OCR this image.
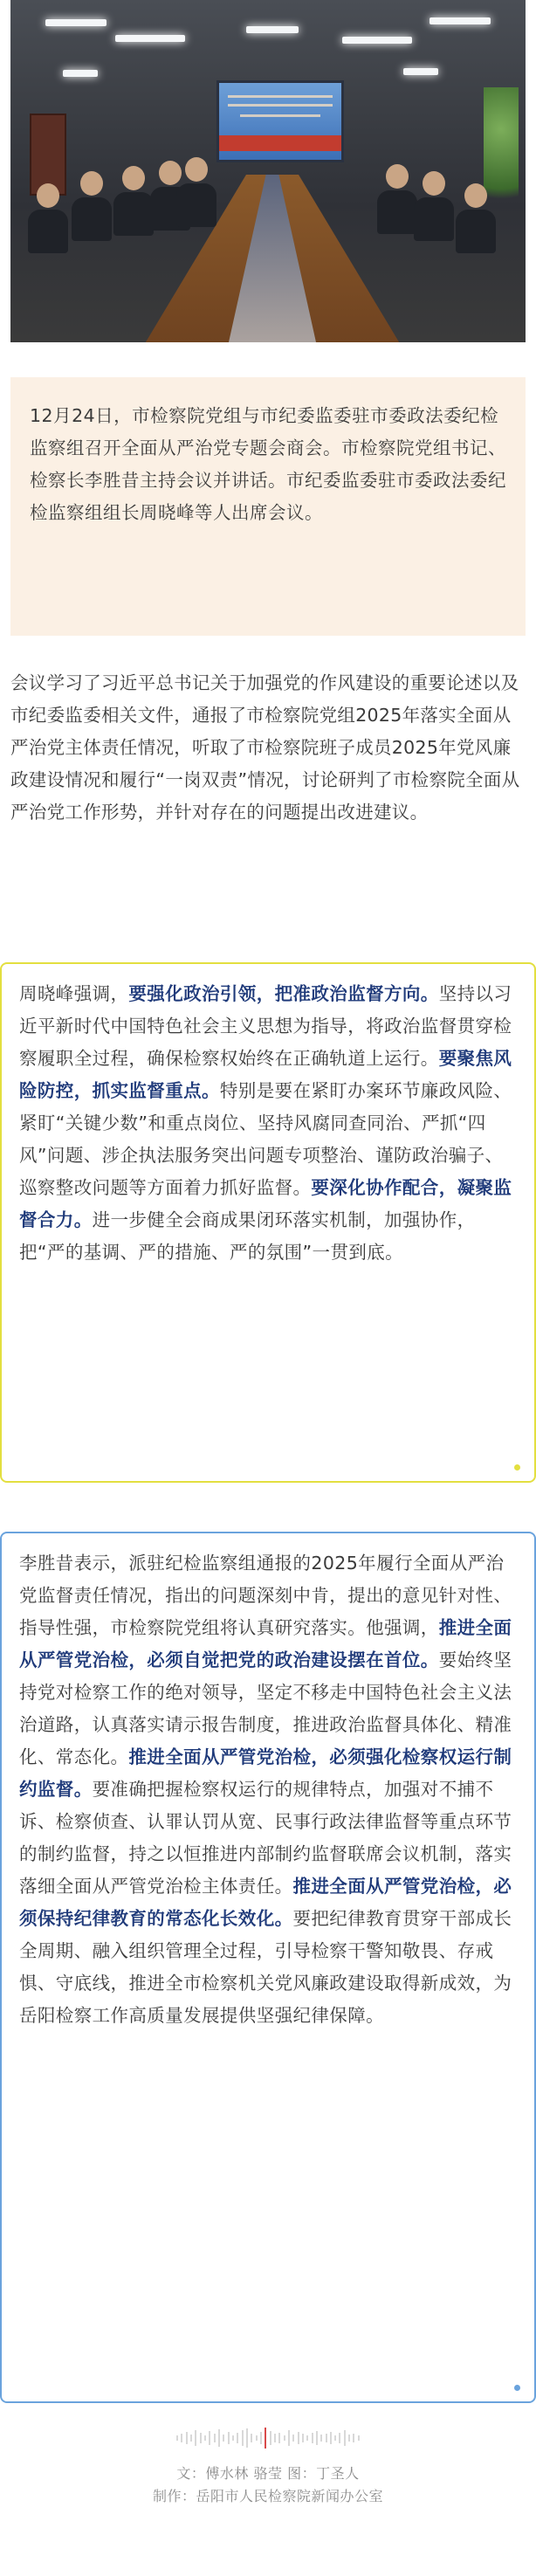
12月24日，市检察院党组与市纪委监委驻市委政法委纪检监察组召开全面从严治党专题会商会。市检察院党组书记、检察长李胜昔主持会议并讲话。市纪委监委驻市委政法委纪检监察组组长周晓峰等人出席会议。

会议学习了习近平总书记关于加强党的作风建设的重要论述以及市纪委监委相关文件，通报了市检察院党组2025年落实全面从严治党主体责任情况，听取了市检察院班子成员2025年党风廉政建设情况和履行“一岗双责”情况，讨论研判了市检察院全面从严治党工作形势，并针对存在的问题提出改进建议。

周晓峰强调，要强化政治引领，把准政治监督方向。坚持以习近平新时代中国特色社会主义思想为指导，将政治监督贯穿检察履职全过程，确保检察权始终在正确轨道上运行。要聚焦风险防控，抓实监督重点。特别是要在紧盯办案环节廉政风险、紧盯“关键少数”和重点岗位、坚持风腐同查同治、严抓“四风”问题、涉企执法服务突出问题专项整治、谨防政治骗子、巡察整改问题等方面着力抓好监督。要深化协作配合，凝聚监督合力。进一步健全会商成果闭环落实机制，加强协作，把“严的基调、严的措施、严的氛围”一贯到底。

李胜昔表示，派驻纪检监察组通报的2025年履行全面从严治党监督责任情况，指出的问题深刻中肯，提出的意见针对性、指导性强，市检察院党组将认真研究落实。他强调，推进全面从严管党治检，必须自觉把党的政治建设摆在首位。要始终坚持党对检察工作的绝对领导，坚定不移走中国特色社会主义法治道路，认真落实请示报告制度，推进政治监督具体化、精准化、常态化。推进全面从严管党治检，必须强化检察权运行制约监督。要准确把握检察权运行的规律特点，加强对不捕不诉、检察侦查、认罪认罚从宽、民事行政法律监督等重点环节的制约监督，持之以恒推进内部制约监督联席会议机制，落实落细全面从严管党治检主体责任。推进全面从严管党治检，必须保持纪律教育的常态化长效化。要把纪律教育贯穿干部成长全周期、融入组织管理全过程，引导检察干警知敬畏、存戒惧、守底线，推进全市检察机关党风廉政建设取得新成效，为岳阳检察工作高质量发展提供坚强纪律保障。

文：傅水林 骆莹 图：丁圣人
制作：岳阳市人民检察院新闻办公室
